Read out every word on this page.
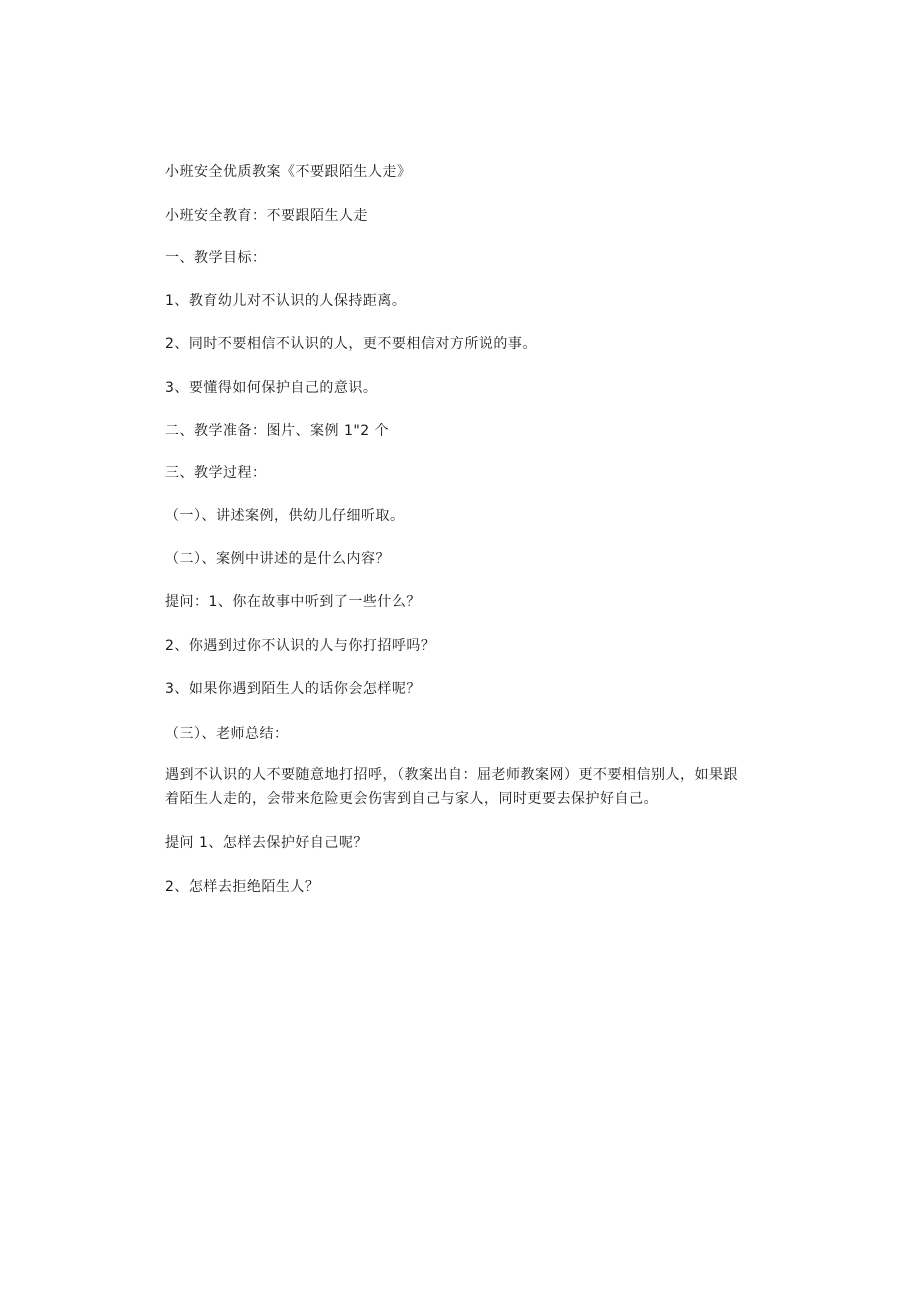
小班安全优质教案《不要跟陌生人走》

小班安全教育：不要跟陌生人走

一、教学目标：

1、教育幼儿对不认识的人保持距离。

2、同时不要相信不认识的人，更不要相信对方所说的事。

3、要懂得如何保护自己的意识。

二、教学准备：图片、案例 1"2 个

三、教学过程：

（一）、讲述案例，供幼儿仔细听取。

（二）、案例中讲述的是什么内容？

提问：1、你在故事中听到了一些什么？

2、你遇到过你不认识的人与你打招呼吗？

3、如果你遇到陌生人的话你会怎样呢？

（三）、老师总结：

遇到不认识的人不要随意地打招呼，（教案出自：屈老师教案网）更不要相信别人，如果跟

着陌生人走的，会带来危险更会伤害到自己与家人，同时更要去保护好自己。

提问 1、怎样去保护好自己呢？

2、怎样去拒绝陌生人？
